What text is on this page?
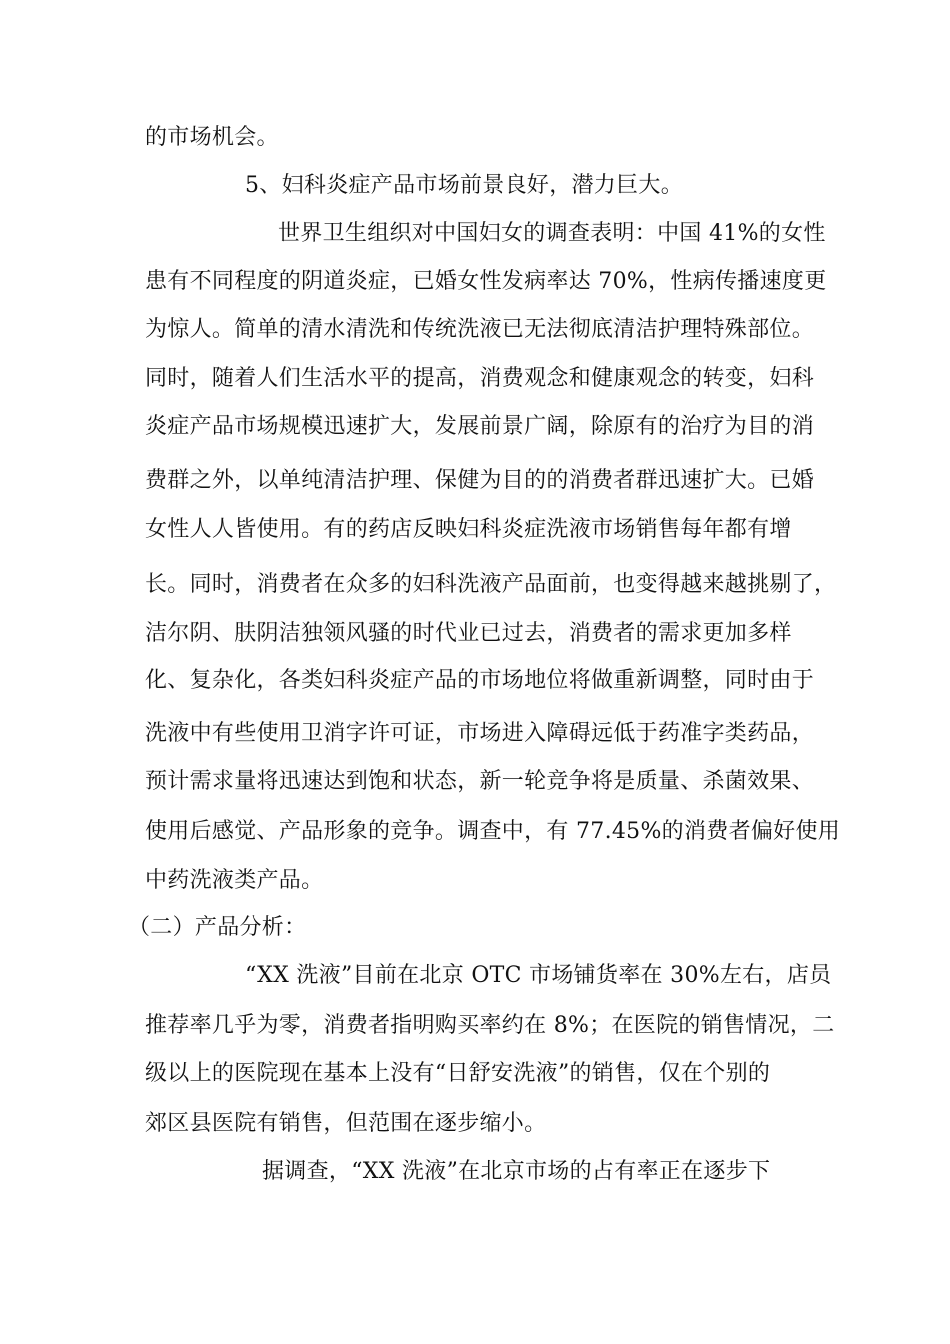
的市场机会。
5、妇科炎症产品市场前景良好，潜力巨大。
世界卫生组织对中国妇女的调查表明：中国 41%的女性
患有不同程度的阴道炎症，已婚女性发病率达 70%，性病传播速度更
为惊人。简单的清水清洗和传统洗液已无法彻底清洁护理特殊部位。
同时，随着人们生活水平的提高，消费观念和健康观念的转变，妇科
炎症产品市场规模迅速扩大，发展前景广阔，除原有的治疗为目的消
费群之外，以单纯清洁护理、保健为目的的消费者群迅速扩大。已婚
女性人人皆使用。有的药店反映妇科炎症洗液市场销售每年都有增
长。同时，消费者在众多的妇科洗液产品面前，也变得越来越挑剔了，
洁尔阴、肤阴洁独领风骚的时代业已过去，消费者的需求更加多样
化、复杂化，各类妇科炎症产品的市场地位将做重新调整，同时由于
洗液中有些使用卫消字许可证，市场进入障碍远低于药准字类药品，
预计需求量将迅速达到饱和状态，新一轮竞争将是质量、杀菌效果、
使用后感觉、产品形象的竞争。调查中，有 77.45%的消费者偏好使用
中药洗液类产品。
（二）产品分析：
“XX 洗液”目前在北京 OTC 市场铺货率在 30%左右，店员
推荐率几乎为零，消费者指明购买率约在 8%；在医院的销售情况，二
级以上的医院现在基本上没有“日舒安洗液”的销售，仅在个别的
郊区县医院有销售，但范围在逐步缩小。
据调查，“XX 洗液”在北京市场的占有率正在逐步下
